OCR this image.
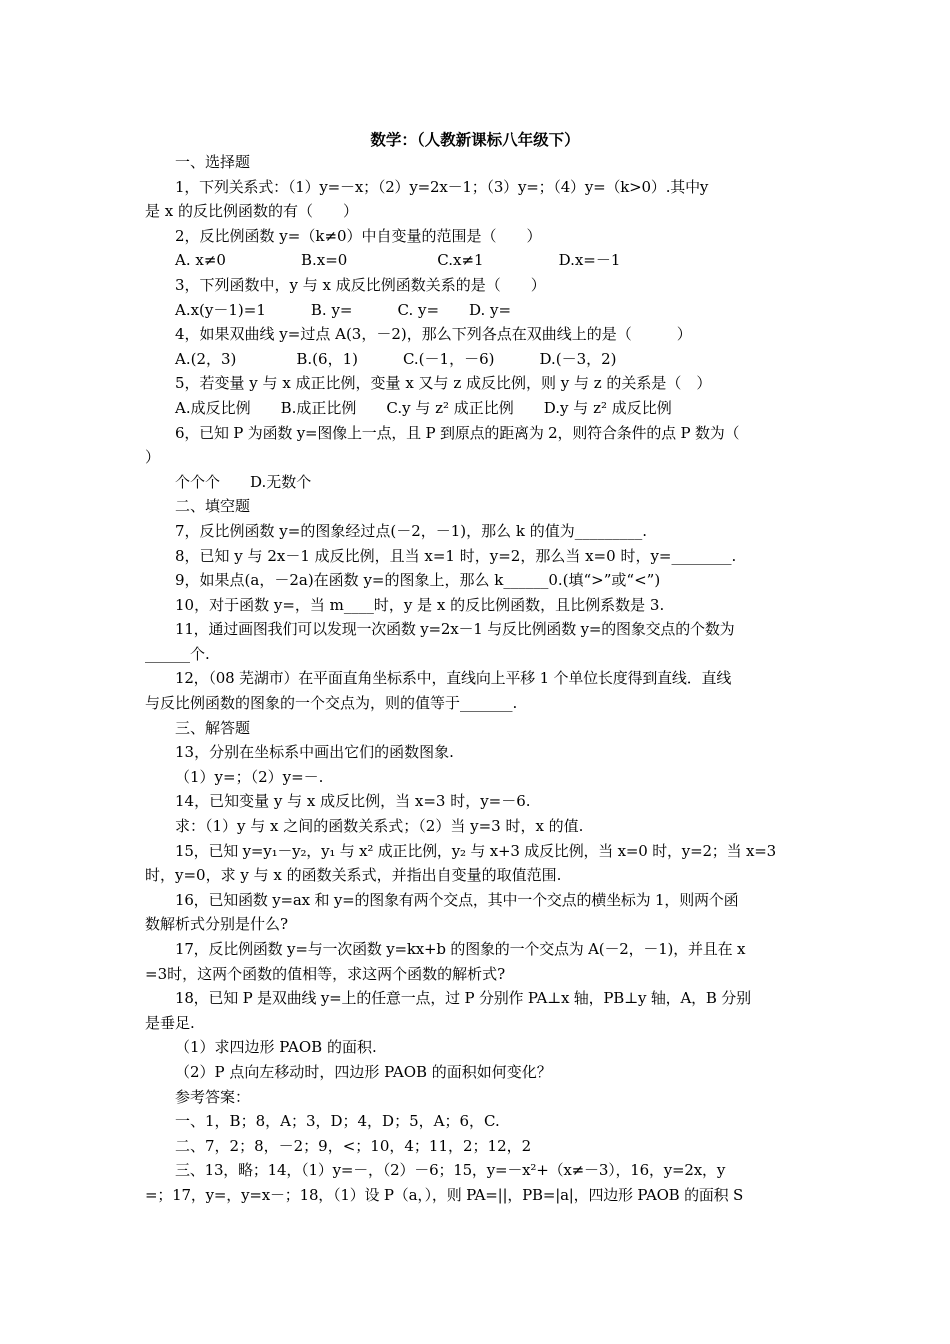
数学：（人教新课标八年级下）
一、选择题
1，下列关系式：（1）y=－x；（2）y=2x－1；（3）y=；（4）y=（k>0）.其中y
是 x 的反比例函数的有（　　）
2，反比例函数 y=（k≠0）中自变量的范围是（　　）
A. x≠0　　　　　B.x=0　　　　　　C.x≠1　　　　　D.x=－1
3，下列函数中，y 与 x 成反比例函数关系的是（　　）
A.x(y－1)=1　　　B. y=　　　C. y=　　D. y=
4，如果双曲线 y=过点 A(3，－2)，那么下列各点在双曲线上的是（　　　）
A.(2，3)　　　　B.(6，1)　　　C.(－1，－6)　　　D.(－3，2)
5，若变量 y 与 x 成正比例，变量 x 又与 z 成反比例，则 y 与 z 的关系是（　）
A.成反比例　　B.成正比例　　C.y 与 z² 成正比例　　D.y 与 z² 成反比例
6，已知 P 为函数 y=图像上一点，且 P 到原点的距离为 2，则符合条件的点 P 数为（
）
个个个　　D.无数个
二、填空题
7，反比例函数 y=的图象经过点(－2，－1)，那么 k 的值为_________.
8，已知 y 与 2x－1 成反比例，且当 x=1 时，y=2，那么当 x=0 时，y=________.
9，如果点(a，－2a)在函数 y=的图象上，那么 k______0.(填“>”或“<”)
10，对于函数 y=，当 m____时，y 是 x 的反比例函数，且比例系数是 3.
11，通过画图我们可以发现一次函数 y=2x－1 与反比例函数 y=的图象交点的个数为
______个.
12，（08 芜湖市）在平面直角坐标系中，直线向上平移 1 个单位长度得到直线．直线
与反比例函数的图象的一个交点为，则的值等于_______.
三、解答题
13，分别在坐标系中画出它们的函数图象.
（1）y=；（2）y=－.
14，已知变量 y 与 x 成反比例，当 x=3 时，y=－6.
求：（1）y 与 x 之间的函数关系式；（2）当 y=3 时，x 的值.
15，已知 y=y₁－y₂，y₁ 与 x² 成正比例，y₂ 与 x+3 成反比例，当 x=0 时，y=2；当 x=3
时，y=0，求 y 与 x 的函数关系式，并指出自变量的取值范围.
16，已知函数 y=ax 和 y=的图象有两个交点，其中一个交点的横坐标为 1，则两个函
数解析式分别是什么?
17，反比例函数 y=与一次函数 y=kx+b 的图象的一个交点为 A(－2，－1)，并且在 x
=3时，这两个函数的值相等，求这两个函数的解析式?
18，已知 P 是双曲线 y=上的任意一点，过 P 分别作 PA⊥x 轴，PB⊥y 轴，A，B 分别
是垂足.
（1）求四边形 PAOB 的面积.
（2）P 点向左移动时，四边形 PAOB 的面积如何变化？
参考答案：
一、1，B；8，A；3，D；4，D；5，A；6，C.
二、7，2；8，－2；9，<；10，4；11，2；12，2
三、13，略；14，（1）y=－，（2）－6；15，y=－x²+（x≠－3），16，y=2x，y
=；17，y=，y=x－；18，（1）设 P（a，），则 PA=||，PB=|a|，四边形 PAOB 的面积 S
